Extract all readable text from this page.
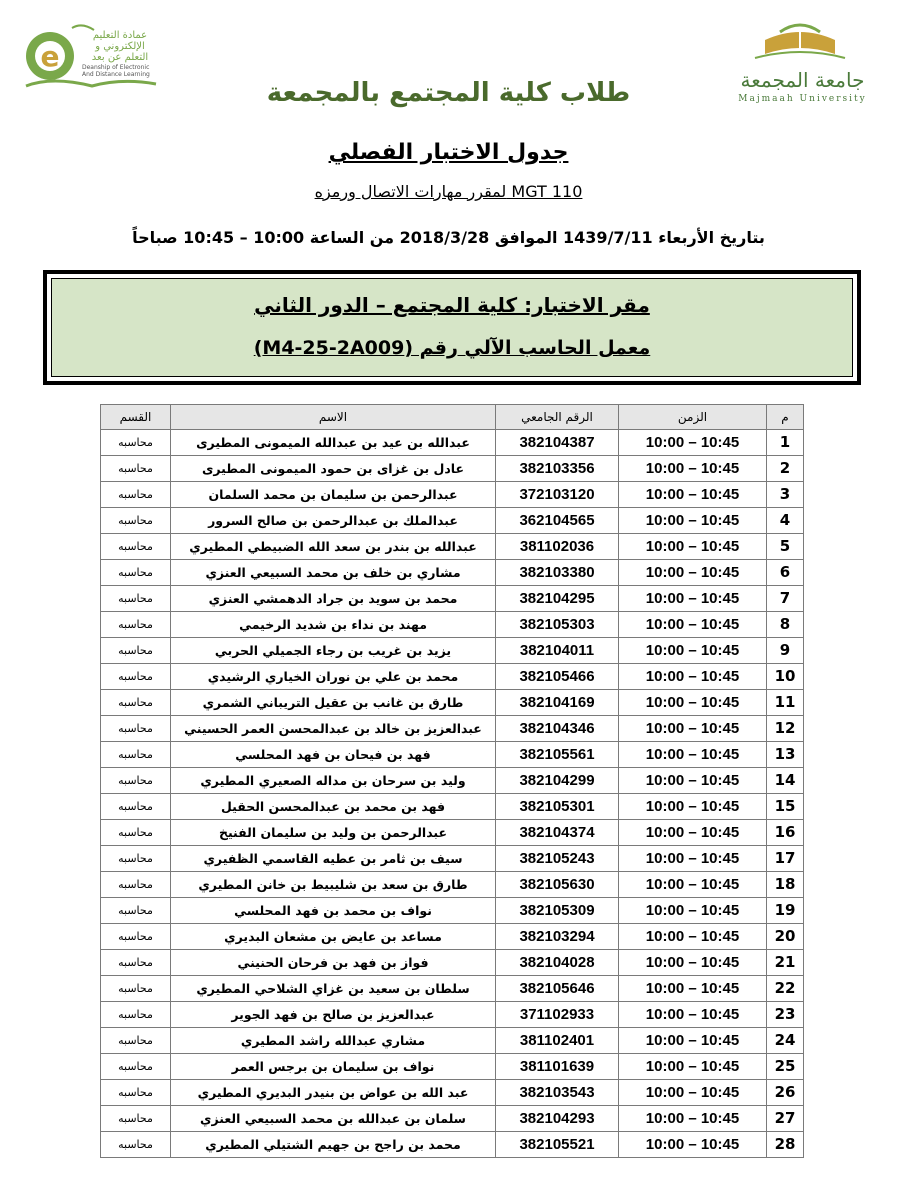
e
عمادة التعليم الإلكتروني و التعلم عن بعد
Deanship of Electronic And Distance Learning	جامعة المجمعة
Majmaah University
طلاب كلية المجتمع بالمجمعة
جدول الاختبار الفصلي
لمقرر مهارات الاتصال ورمزه MGT 110
بتاريخ الأربعاء 1439/7/11 الموافق 2018/3/28 من الساعة 10:00 – 10:45 صباحاً
مقر الاختبار: كلية المجتمع – الدور الثاني
معمل الحاسب الآلي رقم (M4-25-2A009)
م	الزمن	الرقم الجامعي	الاسم	القسم
1	10:00 – 10:45	382104387	عبدالله بن عيد بن عبدالله الميمونى المطيرى	محاسبه
2	10:00 – 10:45	382103356	عادل بن غزاى بن حمود الميمونى المطيرى	محاسبه
3	10:00 – 10:45	372103120	عبدالرحمن بن سليمان بن محمد السلمان	محاسبه
4	10:00 – 10:45	362104565	عبدالملك بن عبدالرحمن بن صالح السرور	محاسبه
5	10:00 – 10:45	381102036	عبدالله بن بندر بن سعد الله الضبيطي المطيري	محاسبه
6	10:00 – 10:45	382103380	مشاري بن خلف بن محمد السبيعي العنزي	محاسبه
7	10:00 – 10:45	382104295	محمد بن سويد بن جراد الدهمشي العنزي	محاسبه
8	10:00 – 10:45	382105303	مهند بن نداء بن شديد الرخيمي	محاسبه
9	10:00 – 10:45	382104011	يزيد بن غريب بن رجاء الجميلي الحربي	محاسبه
10	10:00 – 10:45	382105466	محمد بن علي بن نوران الخياري الرشيدي	محاسبه
11	10:00 – 10:45	382104169	طارق بن غانب بن عقيل التريباني الشمري	محاسبه
12	10:00 – 10:45	382104346	عبدالعزيز بن خالد بن عبدالمحسن العمر الحسيني	محاسبه
13	10:00 – 10:45	382105561	فهد بن فيحان بن فهد المحلسي	محاسبه
14	10:00 – 10:45	382104299	وليد بن سرحان بن مداله الصعيري المطيري	محاسبه
15	10:00 – 10:45	382105301	فهد بن محمد بن عبدالمحسن الحقيل	محاسبه
16	10:00 – 10:45	382104374	عبدالرحمن بن وليد بن سليمان الفنيخ	محاسبه
17	10:00 – 10:45	382105243	سيف بن ثامر بن عطيه القاسمي الظفيري	محاسبه
18	10:00 – 10:45	382105630	طارق بن سعد بن شليبيط بن خانن المطيري	محاسبه
19	10:00 – 10:45	382105309	نواف بن محمد بن فهد المحلسي	محاسبه
20	10:00 – 10:45	382103294	مساعد بن عايض بن مشعان البديري	محاسبه
21	10:00 – 10:45	382104028	فواز بن فهد بن فرحان الحنيني	محاسبه
22	10:00 – 10:45	382105646	سلطان بن سعيد بن غزاي الشلاحي المطيري	محاسبه
23	10:00 – 10:45	371102933	عبدالعزيز بن صالح بن فهد الجوير	محاسبه
24	10:00 – 10:45	381102401	مشاري عبدالله راشد المطيري	محاسبه
25	10:00 – 10:45	381101639	نواف بن سليمان بن برجس العمر	محاسبه
26	10:00 – 10:45	382103543	عبد الله بن عواض بن بنيدر البديري المطيري	محاسبه
27	10:00 – 10:45	382104293	سلمان بن عبدالله بن محمد السبيعي العنزي	محاسبه
28	10:00 – 10:45	382105521	محمد بن راجح بن جهيم الشتيلي المطيري	محاسبه
